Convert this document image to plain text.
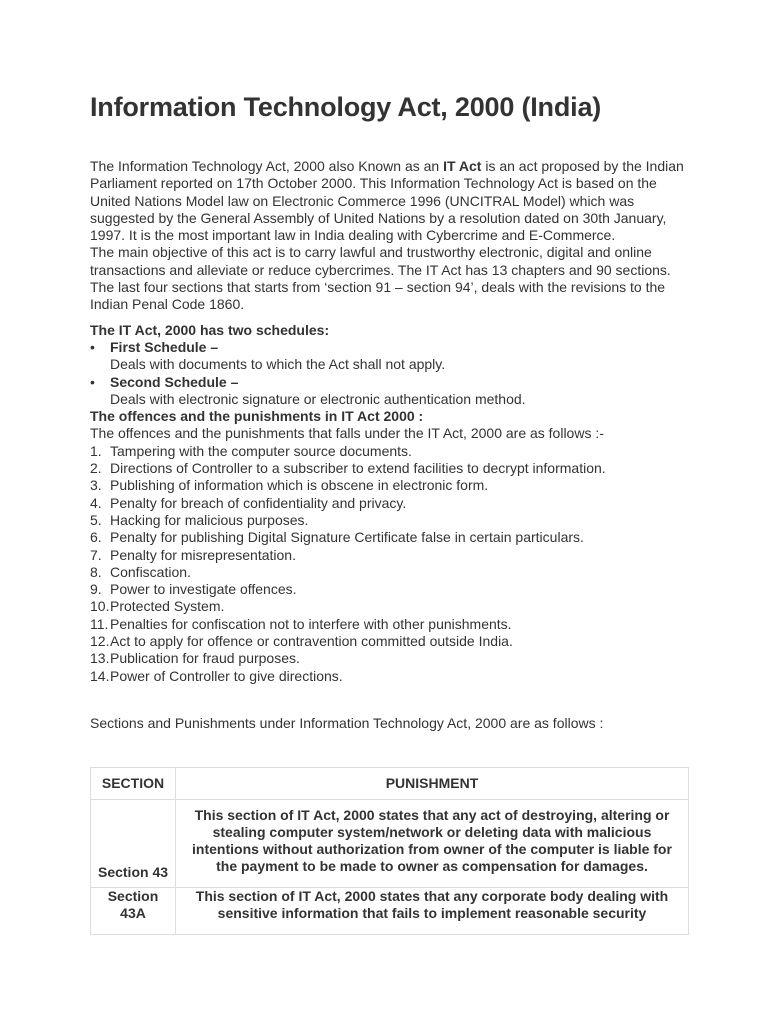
Information Technology Act, 2000 (India)

The Information Technology Act, 2000 also Known as an IT Act is an act proposed by the Indian Parliament reported on 17th October 2000. This Information Technology Act is based on the United Nations Model law on Electronic Commerce 1996 (UNCITRAL Model) which was suggested by the General Assembly of United Nations by a resolution dated on 30th January, 1997. It is the most important law in India dealing with Cybercrime and E-Commerce.

The main objective of this act is to carry lawful and trustworthy electronic, digital and online transactions and alleviate or reduce cybercrimes. The IT Act has 13 chapters and 90 sections. The last four sections that starts from ‘section 91 – section 94’, deals with the revisions to the Indian Penal Code 1860.

The IT Act, 2000 has two schedules:
• First Schedule –
Deals with documents to which the Act shall not apply.
• Second Schedule –
Deals with electronic signature or electronic authentication method.
The offences and the punishments in IT Act 2000 :
The offences and the punishments that falls under the IT Act, 2000 are as follows :-
1. Tampering with the computer source documents.
2. Directions of Controller to a subscriber to extend facilities to decrypt information.
3. Publishing of information which is obscene in electronic form.
4. Penalty for breach of confidentiality and privacy.
5. Hacking for malicious purposes.
6. Penalty for publishing Digital Signature Certificate false in certain particulars.
7. Penalty for misrepresentation.
8. Confiscation.
9. Power to investigate offences.
10. Protected System.
11. Penalties for confiscation not to interfere with other punishments.
12. Act to apply for offence or contravention committed outside India.
13. Publication for fraud purposes.
14. Power of Controller to give directions.
Sections and Punishments under Information Technology Act, 2000 are as follows :
SECTION	PUNISHMENT
Section 43	This section of IT Act, 2000 states that any act of destroying, altering or stealing computer system/network or deleting data with malicious intentions without authorization from owner of the computer is liable for the payment to be made to owner as compensation for damages.
Section 43A	This section of IT Act, 2000 states that any corporate body dealing with sensitive information that fails to implement reasonable security
